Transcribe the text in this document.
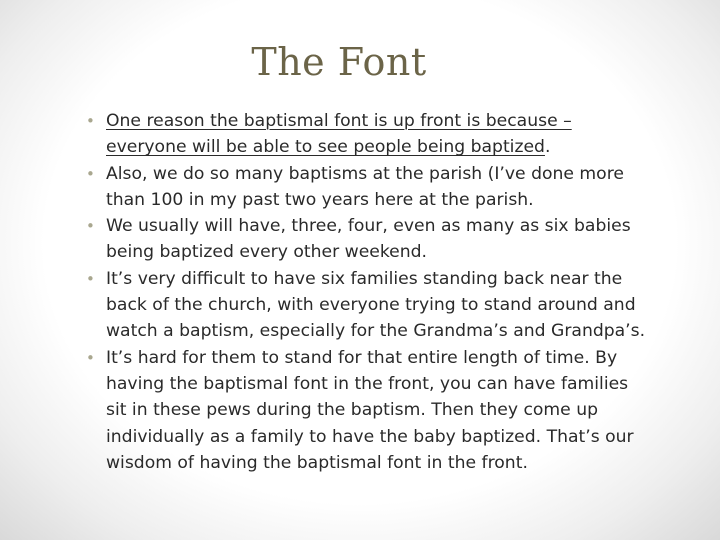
The Font
• One reason the baptismal font is up front is because – everyone will be able to see people being baptized.
• Also, we do so many baptisms at the parish (I’ve done more than 100 in my past two years here at the parish.
• We usually will have, three, four, even as many as six babies being baptized every other weekend.
• It’s very difficult to have six families standing back near the back of the church, with everyone trying to stand around and watch a baptism, especially for the Grandma’s and Grandpa’s.
• It’s hard for them to stand for that entire length of time. By having the baptismal font in the front, you can have families sit in these pews during the baptism. Then they come up individually as a family to have the baby baptized. That’s our wisdom of having the baptismal font in the front.
